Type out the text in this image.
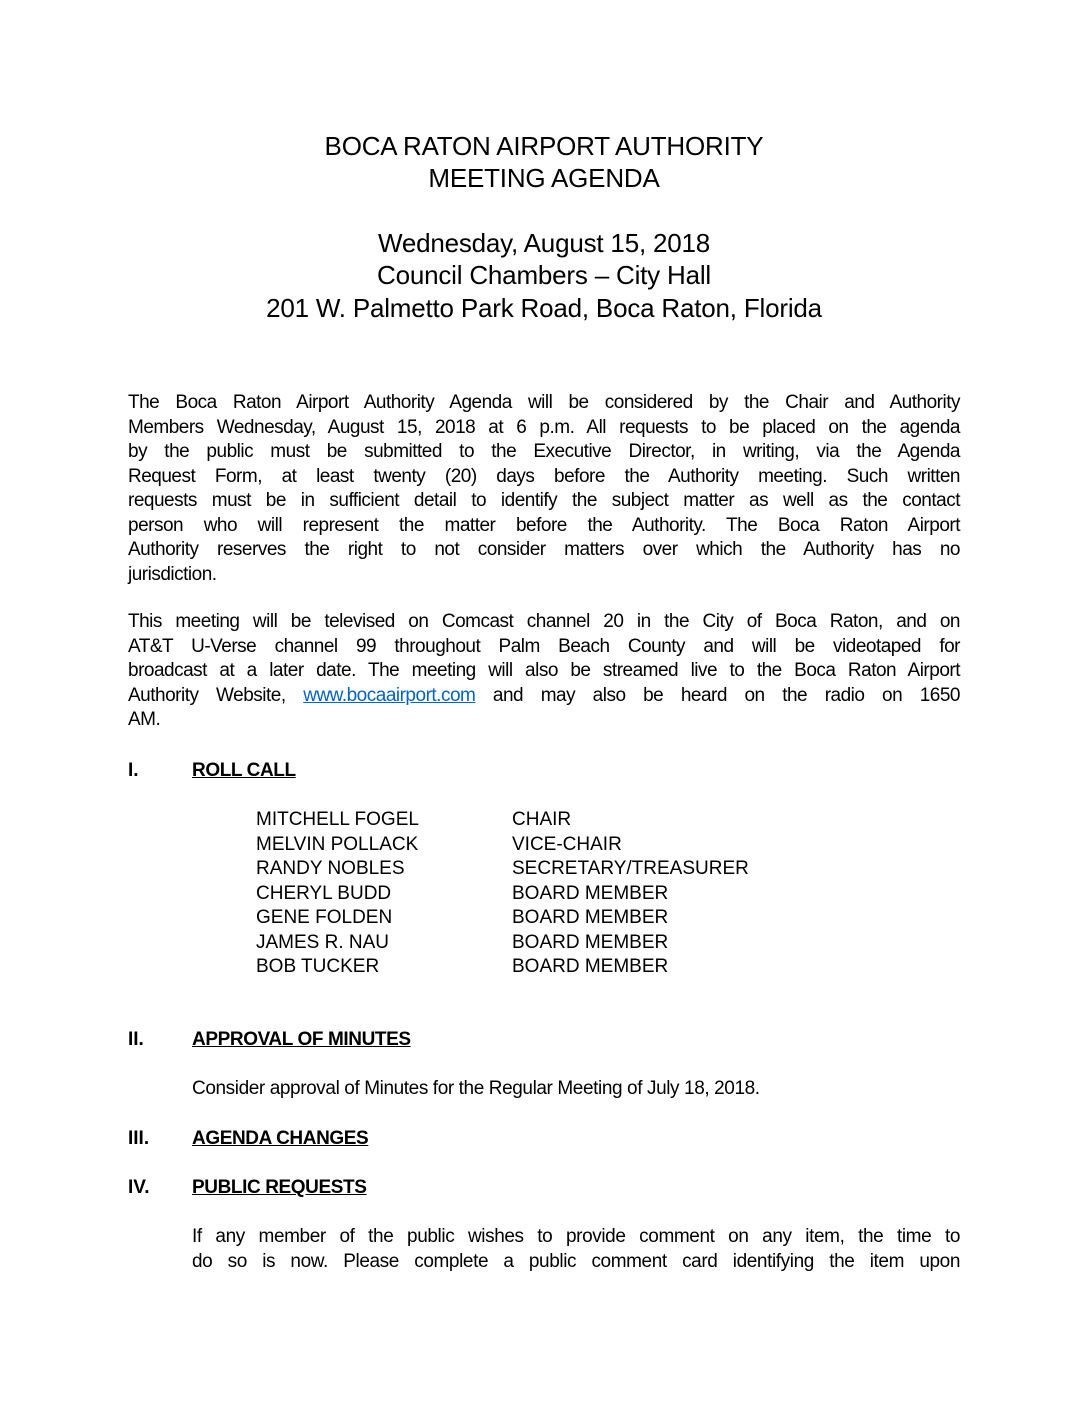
BOCA RATON AIRPORT AUTHORITY
MEETING AGENDA
Wednesday, August 15, 2018
Council Chambers – City Hall
201 W. Palmetto Park Road, Boca Raton, Florida
The Boca Raton Airport Authority Agenda will be considered by the Chair and Authority
Members Wednesday, August 15, 2018 at 6 p.m. All requests to be placed on the agenda
by the public must be submitted to the Executive Director, in writing, via the Agenda
Request Form, at least twenty (20) days before the Authority meeting. Such written
requests must be in sufficient detail to identify the subject matter as well as the contact
person who will represent the matter before the Authority. The Boca Raton Airport
Authority reserves the right to not consider matters over which the Authority has no
jurisdiction.
This meeting will be televised on Comcast channel 20 in the City of Boca Raton, and on
AT&T U-Verse channel 99 throughout Palm Beach County and will be videotaped for
broadcast at a later date. The meeting will also be streamed live to the Boca Raton Airport
Authority Website, www.bocaairport.com and may also be heard on the radio on 1650
AM.
I.	ROLL CALL
MITCHELL FOGEL	CHAIR
MELVIN POLLACK	VICE-CHAIR
RANDY NOBLES	SECRETARY/TREASURER
CHERYL BUDD	BOARD MEMBER
GENE FOLDEN	BOARD MEMBER
JAMES R. NAU	BOARD MEMBER
BOB TUCKER	BOARD MEMBER
II.	APPROVAL OF MINUTES
Consider approval of Minutes for the Regular Meeting of July 18, 2018.
III.	AGENDA CHANGES
IV.	PUBLIC REQUESTS
If any member of the public wishes to provide comment on any item, the time to
do so is now. Please complete a public comment card identifying the item upon
